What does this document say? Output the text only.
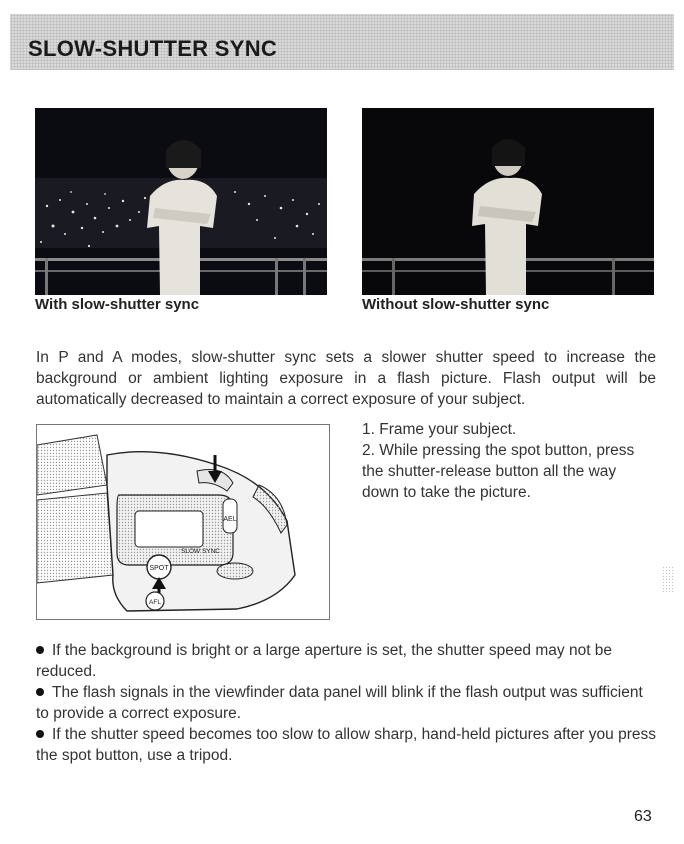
SLOW-SHUTTER SYNC
With slow-shutter sync	Without slow-shutter sync

In P and A modes, slow-shutter sync sets a slower shutter speed to increase the background or ambient lighting exposure in a flash picture. Flash output will be automatically decreased to maintain a correct exposure of your subject.

AEL
SPOT
SLOW SYNC
AFL

1. Frame your subject.

2. While pressing the spot button, press the shutter-release button all the way down to take the picture.

If the background is bright or a large aperture is set, the shutter speed may not be reduced.

The flash signals in the viewfinder data panel will blink if the flash output was sufficient to provide a correct exposure.

If the shutter speed becomes too slow to allow sharp, hand-held pictures after you press the spot button, use a tripod.

63
